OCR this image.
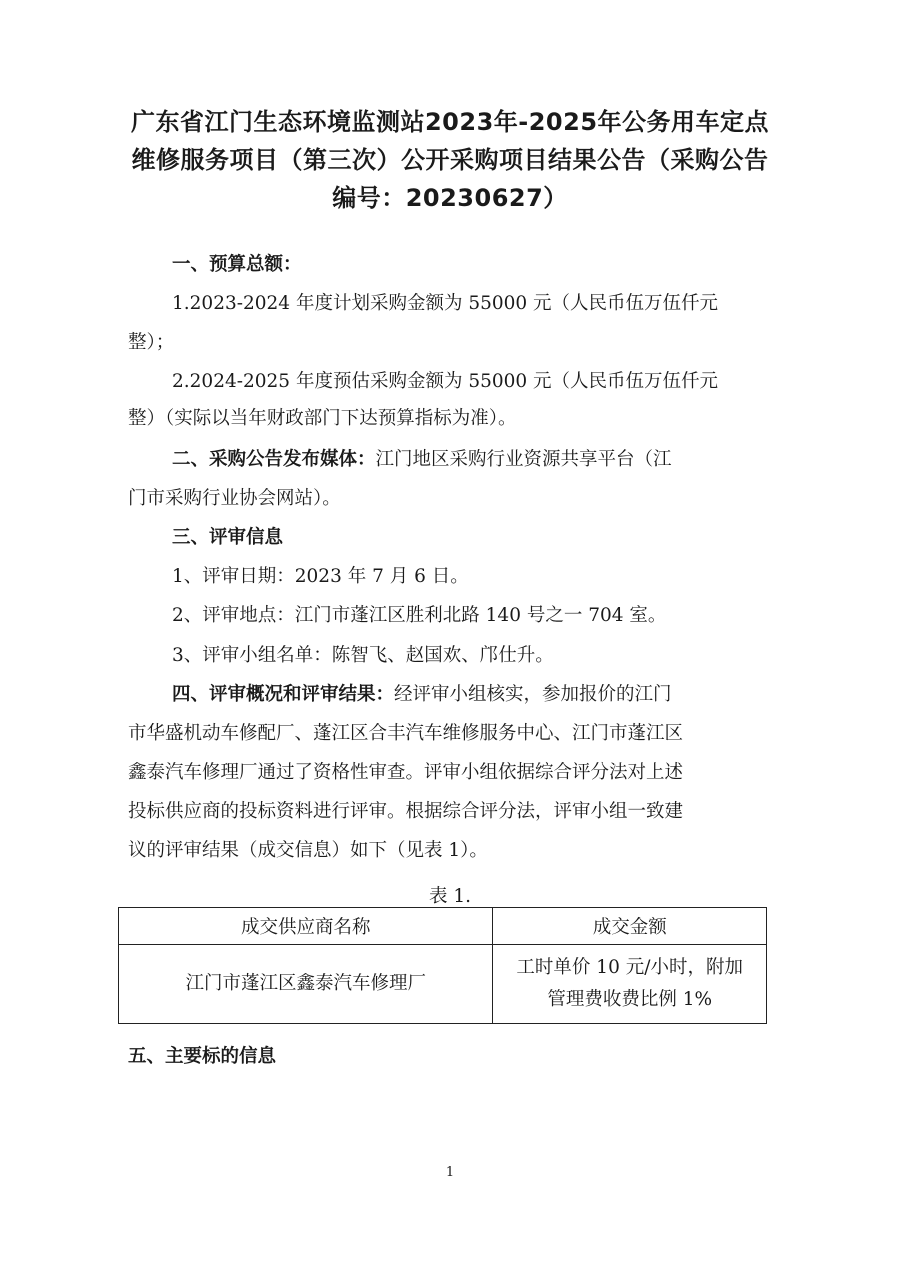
广东省江门生态环境监测站2023年-2025年公务用车定点
维修服务项目（第三次）公开采购项目结果公告（采购公告
编号：20230627）
一、预算总额：
1.2023-2024 年度计划采购金额为 55000 元（人民币伍万伍仟元
整）；
2.2024-2025 年度预估采购金额为 55000 元（人民币伍万伍仟元
整）（实际以当年财政部门下达预算指标为准）。
二、采购公告发布媒体：江门地区采购行业资源共享平台（江
门市采购行业协会网站）。
三、评审信息
1、评审日期：2023 年 7 月 6 日。
2、评审地点：江门市蓬江区胜利北路 140 号之一 704 室。
3、评审小组名单：陈智飞、赵国欢、邝仕升。
四、评审概况和评审结果：经评审小组核实，参加报价的江门
市华盛机动车修配厂、蓬江区合丰汽车维修服务中心、江门市蓬江区
鑫泰汽车修理厂通过了资格性审查。评审小组依据综合评分法对上述
投标供应商的投标资料进行评审。根据综合评分法，评审小组一致建
议的评审结果（成交信息）如下（见表 1）。
表 1.
成交供应商名称	成交金额
江门市蓬江区鑫泰汽车修理厂	工时单价 10 元/小时，附加
管理费收费比例 1%
五、主要标的信息
1
